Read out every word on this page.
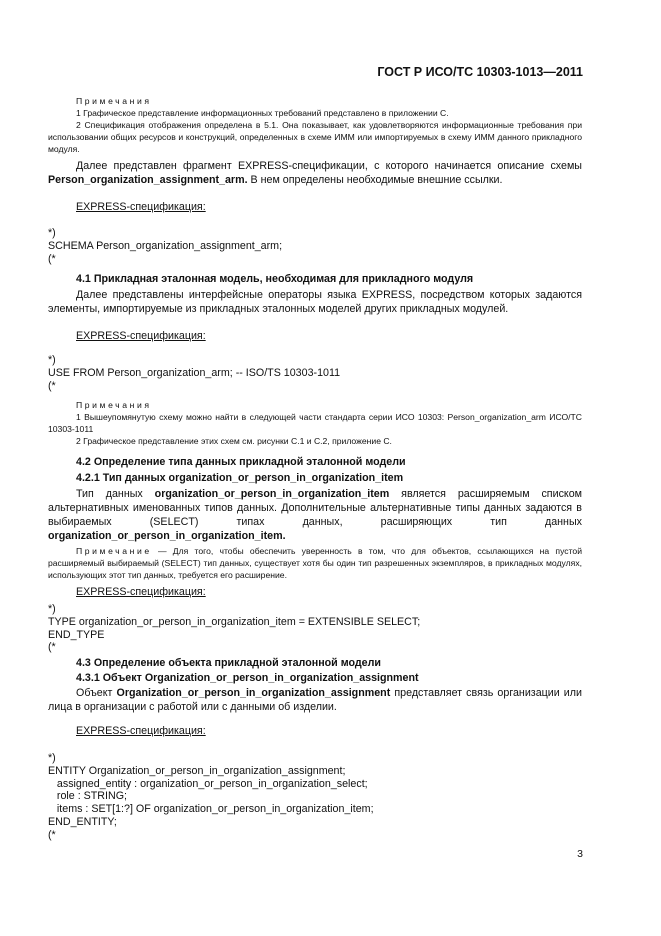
ГОСТ Р ИСО/ТС 10303-1013—2011
Примечания
1 Графическое представление информационных требований представлено в приложении С.
2 Спецификация отображения определена в 5.1. Она показывает, как удовлетворяются информационные требования при использовании общих ресурсов и конструкций, определенных в схеме ИММ или импортируемых в схему ИММ данного прикладного модуля.
Далее представлен фрагмент EXPRESS-спецификации, с которого начинается описание схемы Person_organization_assignment_arm. В нем определены необходимые внешние ссылки.
EXPRESS-спецификация:
*)
SCHEMA Person_organization_assignment_arm;
(*
4.1 Прикладная эталонная модель, необходимая для прикладного модуля
Далее представлены интерфейсные операторы языка EXPRESS, посредством которых задаются элементы, импортируемые из прикладных эталонных моделей других прикладных модулей.
EXPRESS-спецификация:
*)
USE FROM Person_organization_arm; -- ISO/TS 10303-1011
(*
Примечания
1 Вышеупомянутую схему можно найти в следующей части стандарта серии ИСО 10303: Person_organization_arm ИСО/ТС 10303-1011
2 Графическое представление этих схем см. рисунки С.1 и С.2, приложение С.
4.2 Определение типа данных прикладной эталонной модели
4.2.1 Тип данных organization_or_person_in_organization_item
Тип данных organization_or_person_in_organization_item является расширяемым списком альтернативных именованных типов данных. Дополнительные альтернативные типы данных задаются в выбираемых (SELECT) типах данных, расширяющих тип данных organization_or_person_in_organization_item.
Примечание — Для того, чтобы обеспечить уверенность в том, что для объектов, ссылающихся на пустой расширяемый выбираемый (SELECT) тип данных, существует хотя бы один тип разрешенных экземпляров, в прикладных модулях, использующих этот тип данных, требуется его расширение.
EXPRESS-спецификация:
*)
TYPE organization_or_person_in_organization_item = EXTENSIBLE SELECT;
END_TYPE
(*
4.3 Определение объекта прикладной эталонной модели
4.3.1 Объект Organization_or_person_in_organization_assignment
Объект Organization_or_person_in_organization_assignment представляет связь организации или лица в организации с работой или с данными об изделии.
EXPRESS-спецификация:
*)
ENTITY Organization_or_person_in_organization_assignment;
assigned_entity : organization_or_person_in_organization_select;
role : STRING;
items : SET[1:?] OF organization_or_person_in_organization_item;
END_ENTITY;
(*
3
